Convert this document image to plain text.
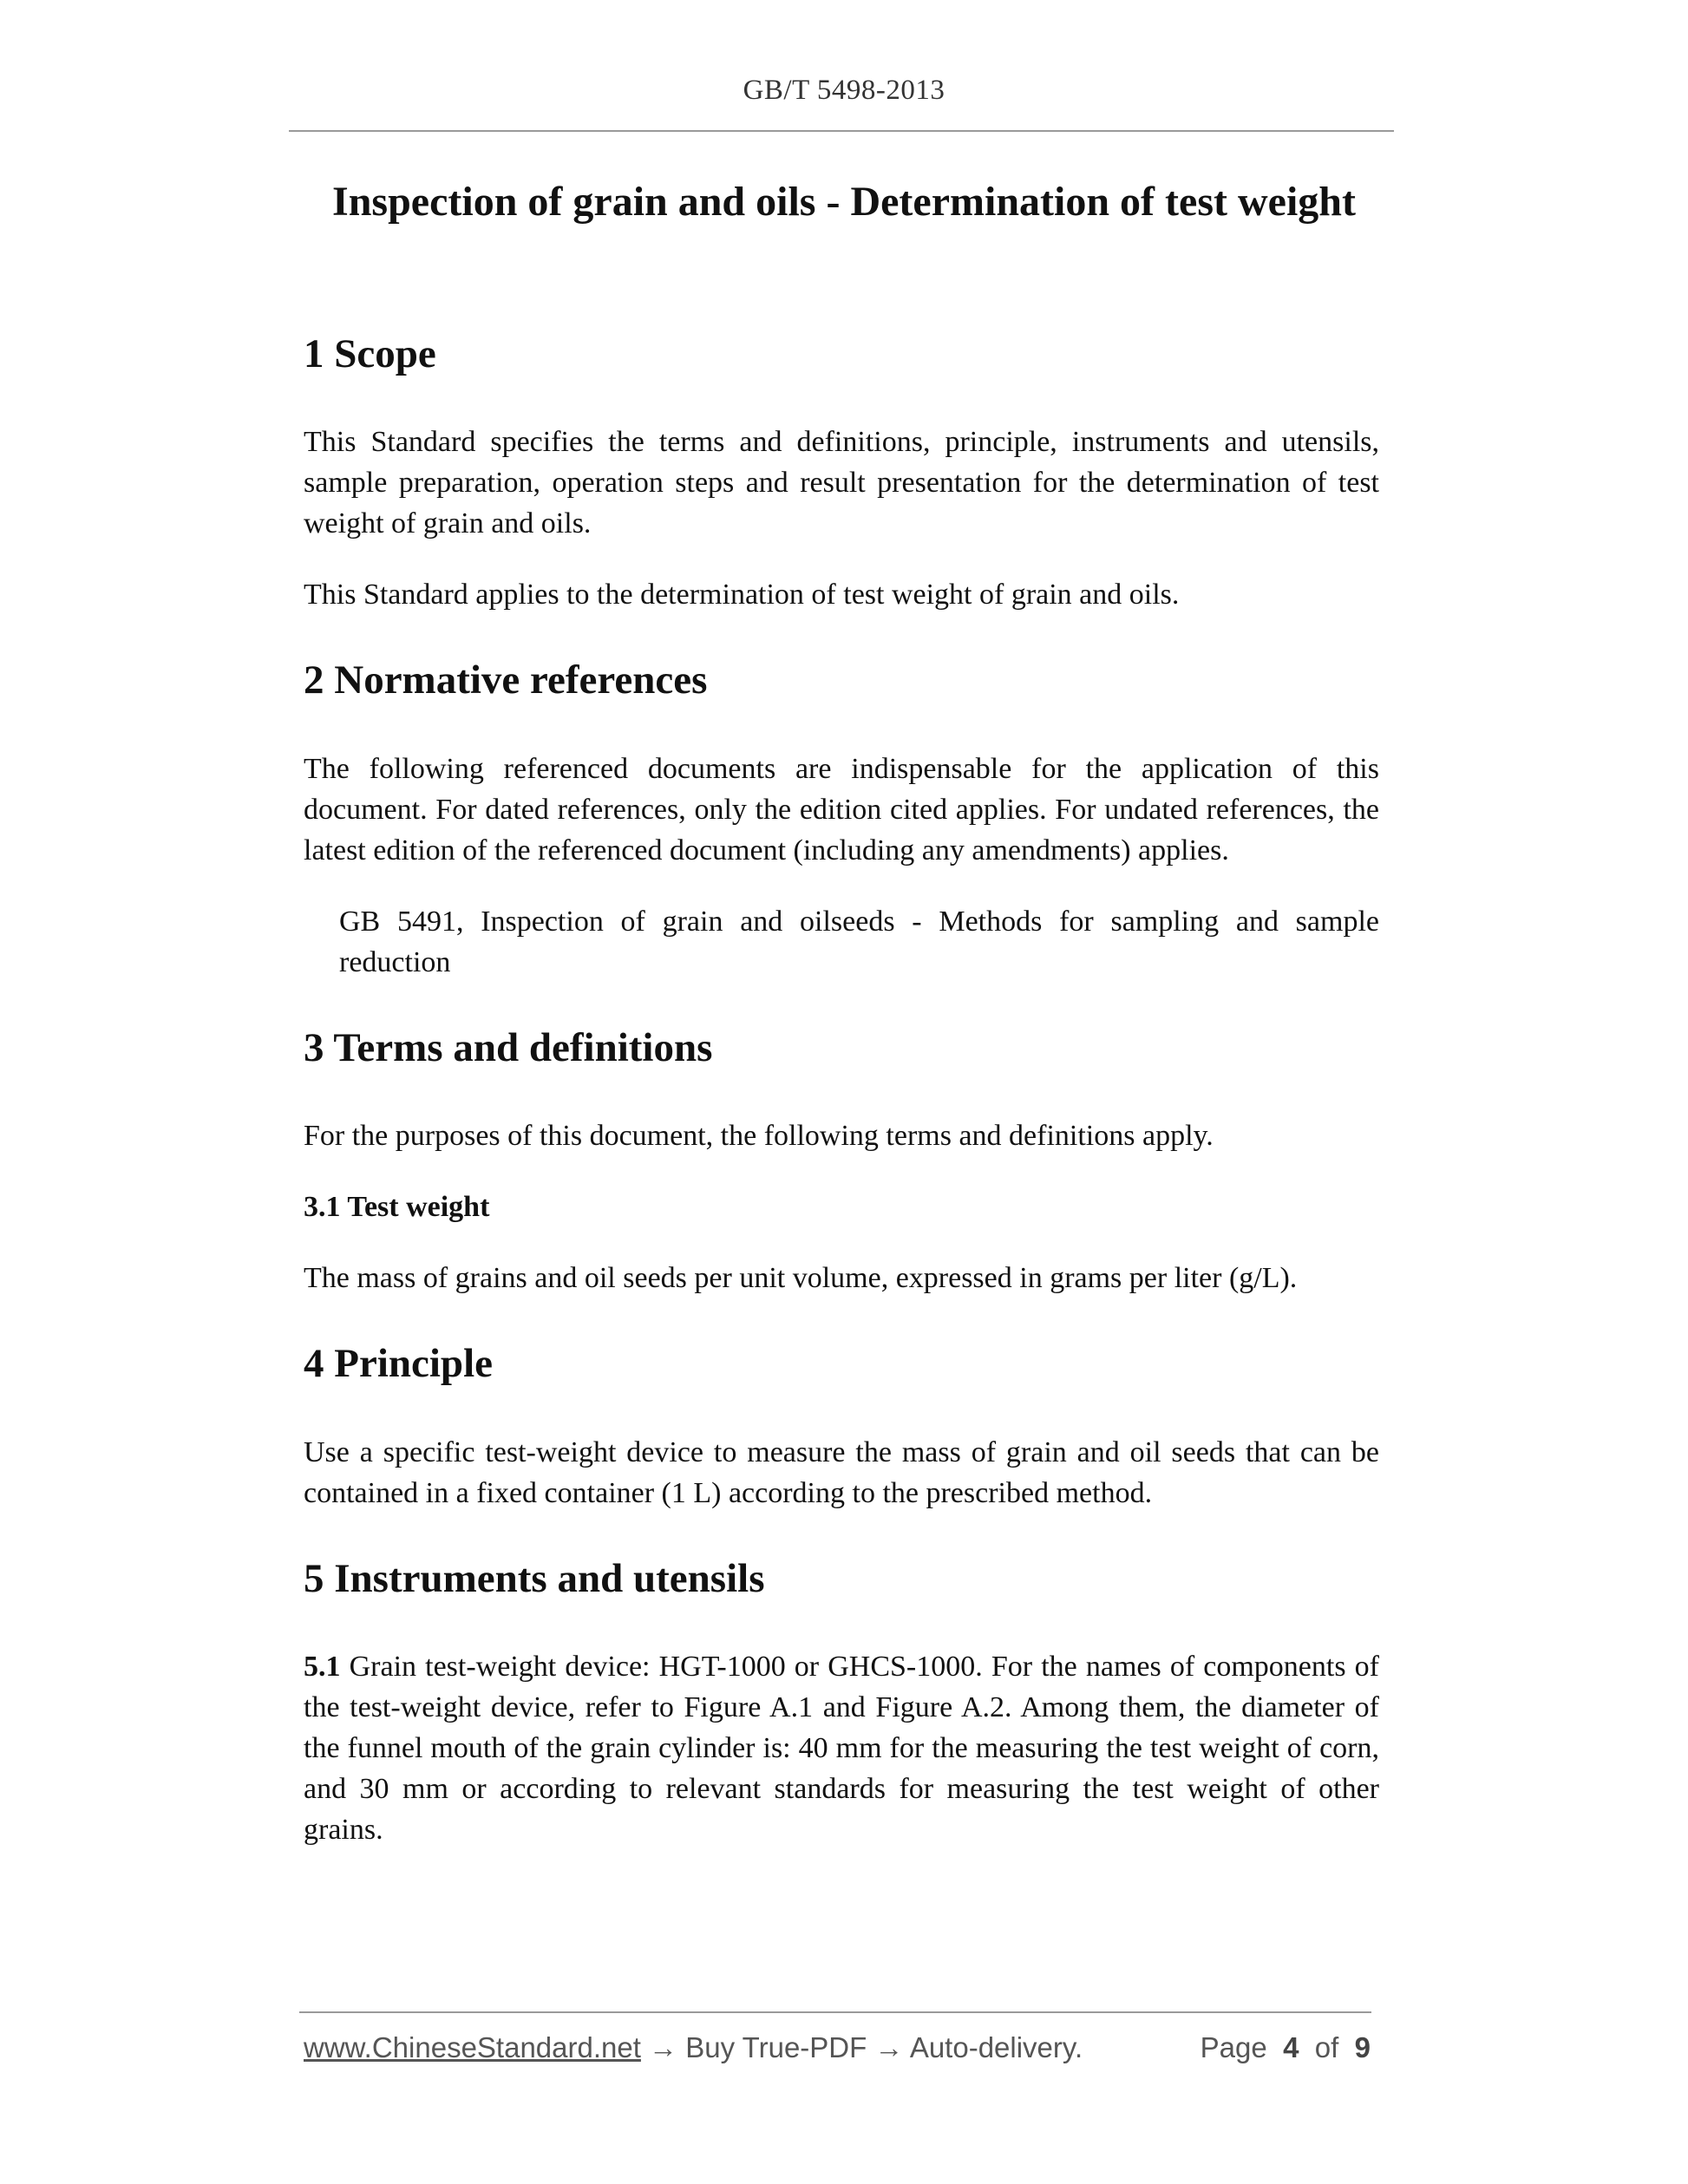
GB/T 5498-2013
Inspection of grain and oils - Determination of test weight
1 Scope

This Standard specifies the terms and definitions, principle, instruments and utensils, sample preparation, operation steps and result presentation for the determination of test weight of grain and oils.

This Standard applies to the determination of test weight of grain and oils.

2 Normative references

The following referenced documents are indispensable for the application of this document. For dated references, only the edition cited applies. For undated references, the latest edition of the referenced document (including any amendments) applies.

GB 5491, Inspection of grain and oilseeds - Methods for sampling and sample reduction

3 Terms and definitions

For the purposes of this document, the following terms and definitions apply.

3.1 Test weight

The mass of grains and oil seeds per unit volume, expressed in grams per liter (g/L).

4 Principle

Use a specific test-weight device to measure the mass of grain and oil seeds that can be contained in a fixed container (1 L) according to the prescribed method.

5 Instruments and utensils

5.1 Grain test-weight device: HGT-1000 or GHCS-1000. For the names of components of the test-weight device, refer to Figure A.1 and Figure A.2. Among them, the diameter of the funnel mouth of the grain cylinder is: 40 mm for the measuring the test weight of corn, and 30 mm or according to relevant standards for measuring the test weight of other grains.

www.ChineseStandard.net → Buy True-PDF → Auto-delivery.	Page 4 of 9
